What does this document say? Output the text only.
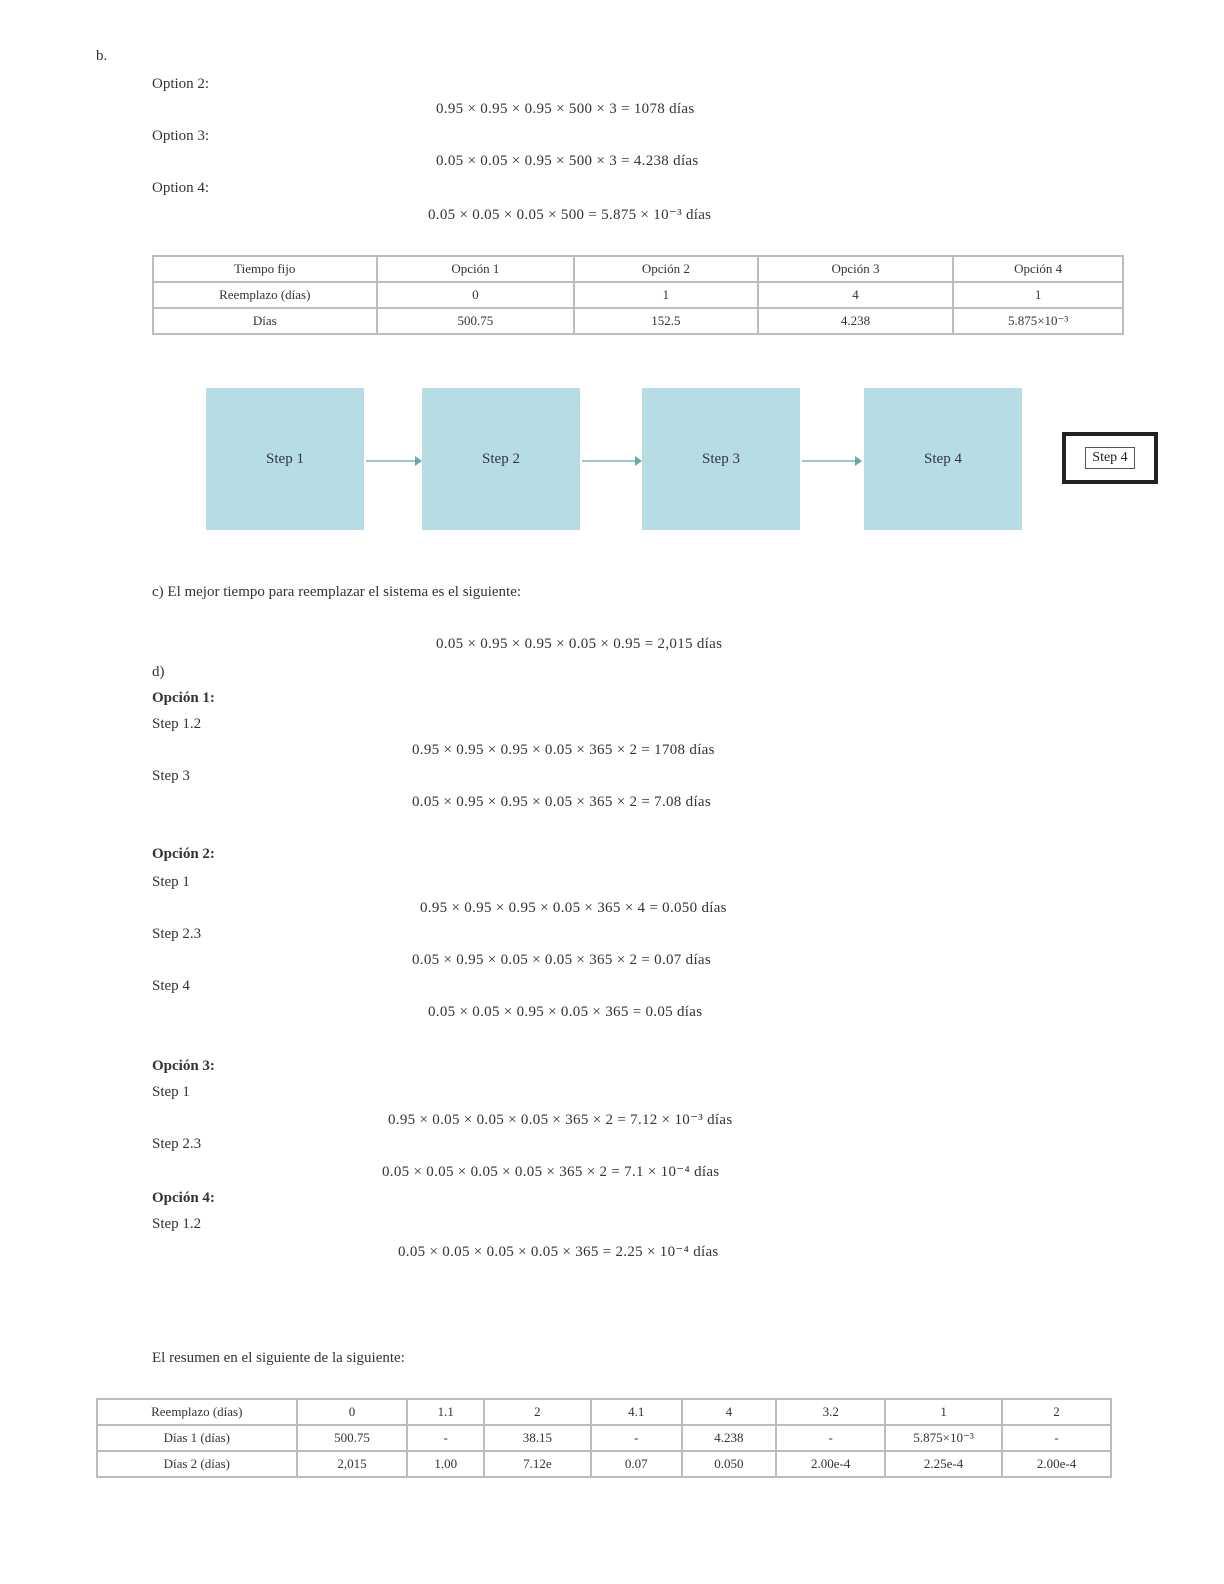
b.
Option 2:
0.95 × 0.95 × 0.95 × 500 × 3 = 1078 días
Option 3:
0.05 × 0.05 × 0.95 × 500 × 3 = 4.238 días
Option 4:
0.05 × 0.05 × 0.05 × 500 = 5.875 × 10⁻³ días
Tiempo fijo	Opción 1	Opción 2	Opción 3	Opción 4
Reemplazo (días)	0	1	4	1
Días	500.75	152.5	4.238	5.875×10⁻³
Step 1	Step 2	Step 3	Step 4	Step 4
c) El mejor tiempo para reemplazar el sistema es el siguiente:
0.05 × 0.95 × 0.95 × 0.05 × 0.95 = 2,015 días
d)
Opción 1:
Step 1.2
0.95 × 0.95 × 0.95 × 0.05 × 365 × 2 = 1708 días
Step 3
0.05 × 0.95 × 0.95 × 0.05 × 365 × 2 = 7.08 días
Opción 2:
Step 1
0.95 × 0.95 × 0.95 × 0.05 × 365 × 4 = 0.050 días
Step 2.3
0.05 × 0.95 × 0.05 × 0.05 × 365 × 2 = 0.07 días
Step 4
0.05 × 0.05 × 0.95 × 0.05 × 365 = 0.05 días
Opción 3:
Step 1
0.95 × 0.05 × 0.05 × 0.05 × 365 × 2 = 7.12 × 10⁻³ días
Step 2.3
0.05 × 0.05 × 0.05 × 0.05 × 365 × 2 = 7.1 × 10⁻⁴ días
Opción 4:
Step 1.2
0.05 × 0.05 × 0.05 × 0.05 × 365 = 2.25 × 10⁻⁴ días
El resumen en el siguiente de la siguiente:
Reemplazo (días)	0	1.1	2	4.1	4	3.2	1	2
Días 1 (días)	500.75	-	38.15	-	4.238	-	5.875×10⁻³	-
Días 2 (días)	2,015	1.00	7.12e	0.07	0.050	2.00e-4	2.25e-4	2.00e-4
